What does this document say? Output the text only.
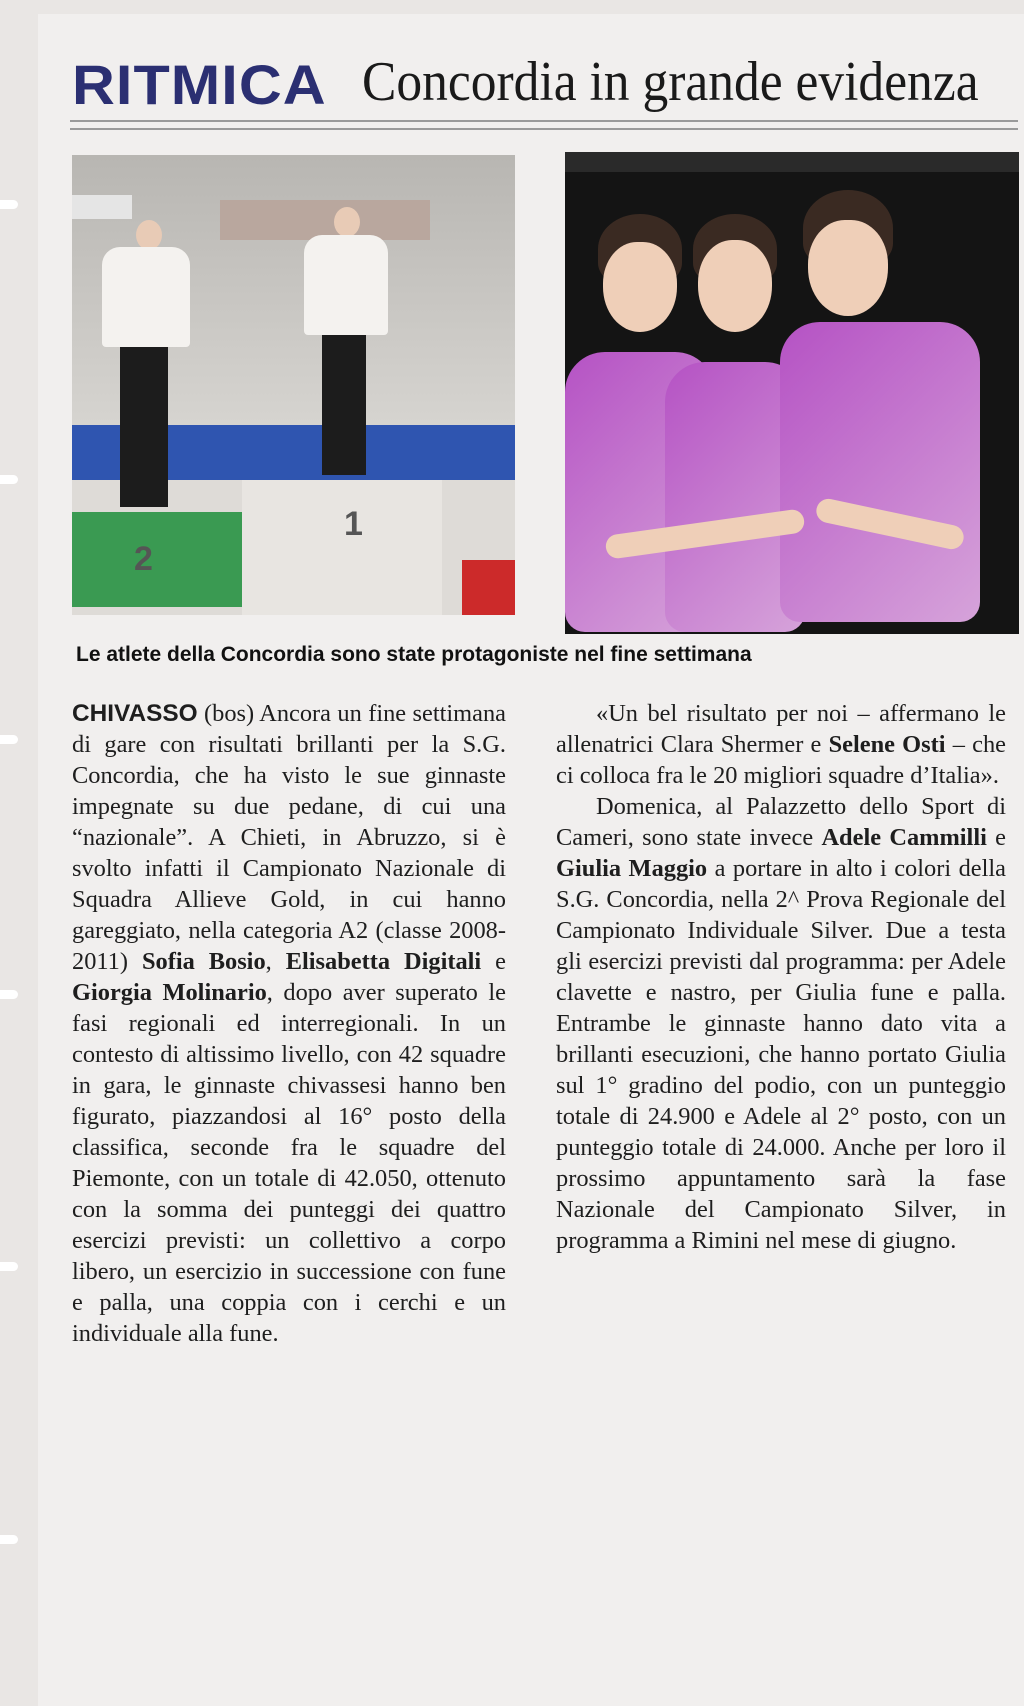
RITMICA Concordia in grande evidenza
2
1
Le atlete della Concordia sono state protagoniste nel fine settimana

CHIVASSO (bos) Ancora un fine settimana di gare con risultati brillanti per la S.G. Concordia, che ha visto le sue ginnaste impegnate su due pedane, di cui una “nazionale”. A Chieti, in Abruzzo, si è svolto infatti il Campionato Nazionale di Squadra Allieve Gold, in cui hanno gareggiato, nella categoria A2 (classe 2008-2011) Sofia Bosio, Elisabetta Digitali e Giorgia Molinario, dopo aver superato le fasi regionali ed interregionali. In un contesto di altissimo livello, con 42 squadre in gara, le ginnaste chivassesi hanno ben figurato, piazzandosi al 16° posto della classifica, seconde fra le squadre del Piemonte, con un totale di 42.050, ottenuto con la somma dei punteggi dei quattro esercizi previsti: un collettivo a corpo libero, un esercizio in successione con fune e palla, una coppia con i cerchi e un individuale alla fune.

«Un bel risultato per noi – affermano le allenatrici Clara Shermer e Selene Osti – che ci colloca fra le 20 migliori squadre d’Italia».

Domenica, al Palazzetto dello Sport di Cameri, sono state invece Adele Cammilli e Giulia Maggio a portare in alto i colori della S.G. Concordia, nella 2^ Prova Regionale del Campionato Individuale Silver. Due a testa gli esercizi previsti dal programma: per Adele clavette e nastro, per Giulia fune e palla. Entrambe le ginnaste hanno dato vita a brillanti esecuzioni, che hanno portato Giulia sul 1° gradino del podio, con un punteggio totale di 24.900 e Adele al 2° posto, con un punteggio totale di 24.000. Anche per loro il prossimo appuntamento sarà la fase Nazionale del Campionato Silver, in programma a Rimini nel mese di giugno.
